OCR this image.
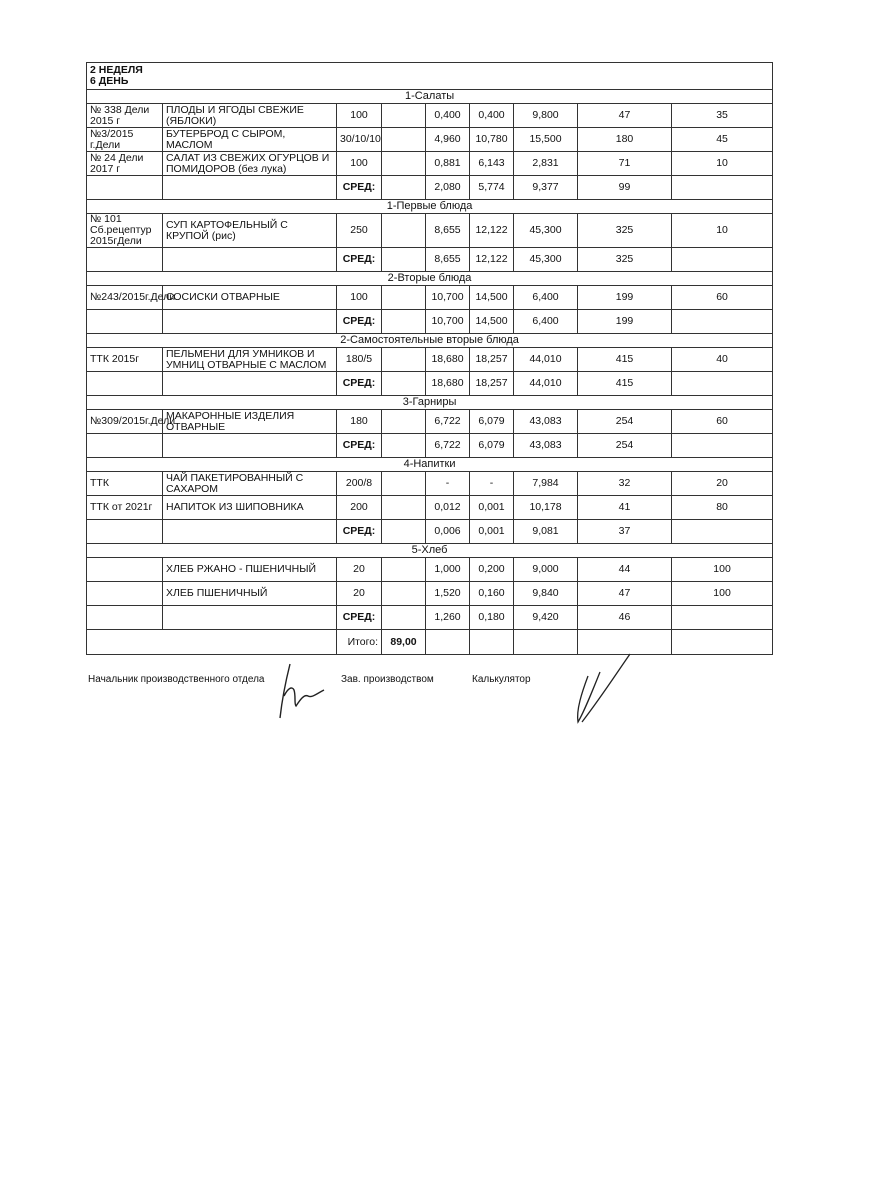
2 НЕДЕЛЯ
6 ДЕНЬ								

1-Салаты								
№ 338 Дели 2015 г	ПЛОДЫ И ЯГОДЫ СВЕЖИЕ (ЯБЛОКИ)	100		0,400	0,400	9,800	47	35
№3/2015 г.Дели	БУТЕРБРОД С СЫРОМ, МАСЛОМ	30/10/10		4,960	10,780	15,500	180	45
№ 24 Дели 2017 г	САЛАТ ИЗ СВЕЖИХ ОГУРЦОВ И ПОМИДОРОВ (без лука)	100		0,881	6,143	2,831	71	10
		СРЕД:		2,080	5,774	9,377	99	
1-Первые блюда								
№ 101 Сб.рецептур 2015гДели	СУП КАРТОФЕЛЬНЫЙ С КРУПОЙ (рис)	250		8,655	12,122	45,300	325	10
		СРЕД:		8,655	12,122	45,300	325	
2-Вторые блюда								
№243/2015г.Дели	СОСИСКИ ОТВАРНЫЕ	100		10,700	14,500	6,400	199	60
		СРЕД:		10,700	14,500	6,400	199	
2-Самостоятельные вторые блюда								
ТТК 2015г	ПЕЛЬМЕНИ ДЛЯ УМНИКОВ И УМНИЦ ОТВАРНЫЕ С МАСЛОМ	180/5		18,680	18,257	44,010	415	40
		СРЕД:		18,680	18,257	44,010	415	
3-Гарниры								
№309/2015г.Дели	МАКАРОННЫЕ ИЗДЕЛИЯ ОТВАРНЫЕ	180		6,722	6,079	43,083	254	60
		СРЕД:		6,722	6,079	43,083	254	
4-Напитки								
ТТК	ЧАЙ ПАКЕТИРОВАННЫЙ С САХАРОМ	200/8		-	-	7,984	32	20
ТТК от 2021г	НАПИТОК ИЗ ШИПОВНИКА	200		0,012	0,001	10,178	41	80
		СРЕД:		0,006	0,001	9,081	37	
5-Хлеб								
	ХЛЕБ РЖАНО - ПШЕНИЧНЫЙ	20		1,000	0,200	9,000	44	100
	ХЛЕБ ПШЕНИЧНЫЙ	20		1,520	0,160	9,840	47	100
		СРЕД:		1,260	0,180	9,420	46	
		Итого:	89,00					
Начальник производственного отдела	Зав. производством	Калькулятор
